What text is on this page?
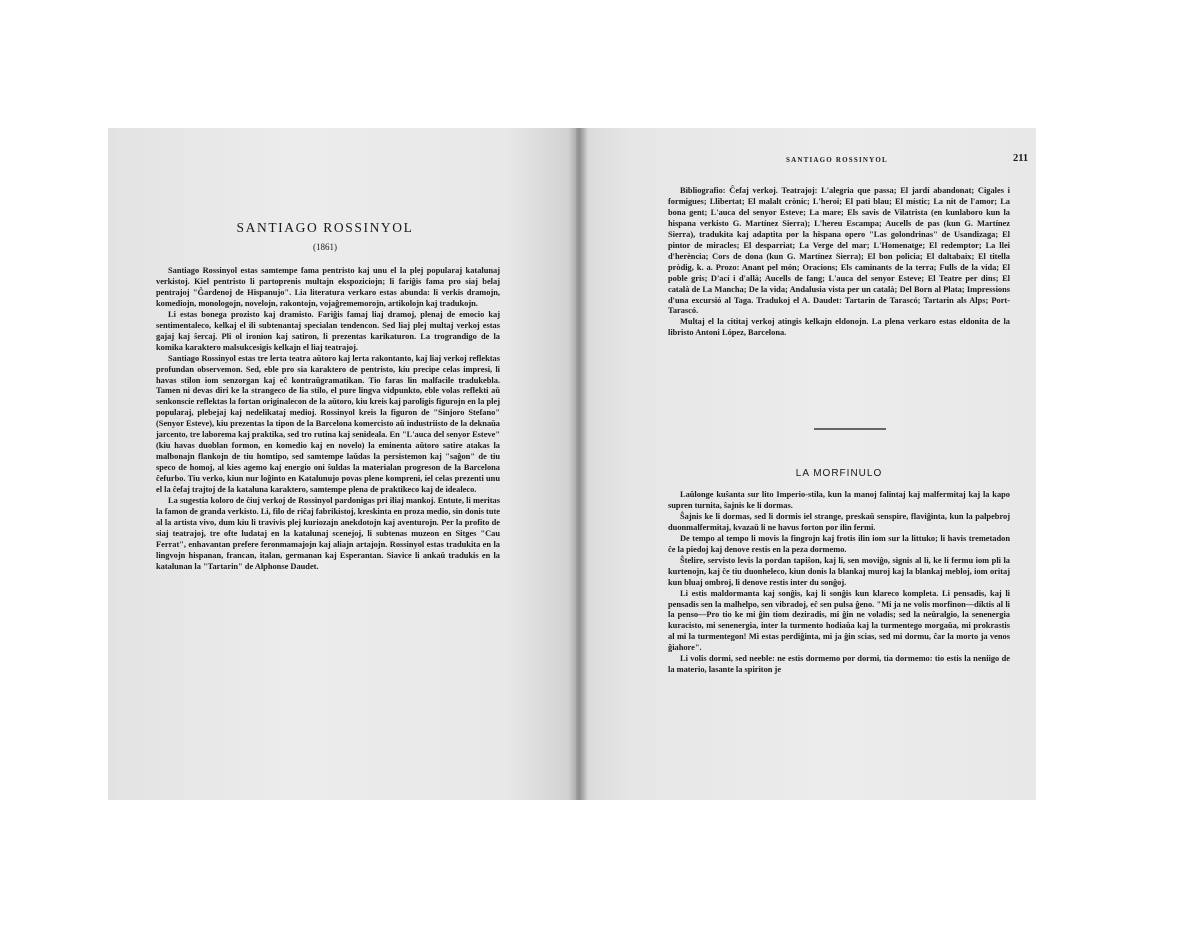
SANTIAGO ROSSINYOL
(1861)

Santiago Rossinyol estas samtempe fama pentristo kaj unu el la plej popularaj katalunaj verkistoj. Kiel pentristo li partoprenis multajn ekspoziciojn; li fariĝis fama pro siaj belaj pentrajoj "Ĝardenoj de Hispanujo". Lia literatura verkaro estas abunda: li verkis dramojn, komediojn, monologojn, novelojn, rakontojn, vojaĝrememorojn, artikolojn kaj tradukojn.

Li estas bonega prozisto kaj dramisto. Fariĝis famaj liaj dramoj, plenaj de emocio kaj sentimentaleco, kelkaj el ili subtenantaj specialan tendencon. Sed liaj plej multaj verkoj estas gajaj kaj ŝercaj. Pli ol ironion kaj satiron, li prezentas karikaturon. La trograndigo de la komika karaktero malsukcesigis kelkajn el liaj teatrajoj.

Santiago Rossinyol estas tre lerta teatra aŭtoro kaj lerta rakontanto, kaj liaj verkoj reflektas profundan observemon. Sed, eble pro sia karaktero de pentristo, kiu precipe celas impresi, li havas stilon iom senzorgan kaj eĉ kontraŭgramatikan. Tio faras lin malfacile tradukebla. Tamen ni devas diri ke la strangeco de lia stilo, el pure lingva vidpunkto, eble volas reflekti aŭ senkonscie reflektas la fortan originalecon de la aŭtoro, kiu kreis kaj paroligis figurojn en la plej popularaj, plebejaj kaj nedelikataj medioj. Rossinyol kreis la figuron de "Sinjoro Stefano" (Senyor Esteve), kiu prezentas la tipon de la Barcelona komercisto aŭ industriisto de la deknaŭa jarcento, tre laborema kaj praktika, sed tro rutina kaj senideala. En "L'auca del senyor Esteve" (kiu havas duoblan formon, en komedio kaj en novelo) la eminenta aŭtoro satire atakas la malbonajn flankojn de tiu homtipo, sed samtempe laŭdas la persistemon kaj "saĝon" de tiu speco de homoj, al kies agemo kaj energio oni ŝuldas la materialan progreson de la Barcelona ĉefurbo. Tiu verko, kiun nur loĝinto en Katalunujo povas plene kompreni, iel celas prezenti unu el la ĉefaj trajtoj de la kataluna karaktero, samtempe plena de praktikeco kaj de idealeco.

La sugestia koloro de ĉiuj verkoj de Rossinyol pardonigas pri iliaj mankoj. Entute, li meritas la famon de granda verkisto. Li, filo de riĉaj fabrikistoj, kreskinta en proza medio, sin donis tute al la artista vivo, dum kiu li travivis plej kuriozajn anekdotojn kaj aventurojn. Per la profito de siaj teatrajoj, tre ofte ludataj en la katalunaj scenejoj, li subtenas muzeon en Sitges "Cau Ferrat", enhavantan prefere feronmamajojn kaj aliajn artajojn. Rossinyol estas tradukita en la lingvojn hispanan, francan, italan, germanan kaj Esperantan. Siavice li ankaŭ tradukis en la katalunan la "Tartarin" de Alphonse Daudet.

SANTIAGO ROSSINYOL	211

Bibliografio: Ĉefaj verkoj. Teatrajoj: L'alegria que passa; El jardí abandonat; Cigales i formigues; Llibertat; El malalt crònic; L'heroi; El pati blau; El místic; La nit de l'amor; La bona gent; L'auca del senyor Esteve; La mare; Els savis de Vilatrista (en kunlaboro kun la hispana verkisto G. Martínez Sierra); L'hereu Escampa; Aucells de pas (kun G. Martínez Sierra), tradukita kaj adaptita por la hispana opero "Las golondrinas" de Usandizaga; El pintor de miracles; El desparriat; La Verge del mar; L'Homenatge; El redemptor; La llei d'herència; Cors de dona (kun G. Martínez Sierra); El bon policia; El daltabaix; El titella pròdig, k. a. Prozo: Anant pel món; Oracions; Els caminants de la terra; Fulls de la vida; El poble gris; D'ací i d'allà; Aucells de fang; L'auca del senyor Esteve; El Teatre per dins; El català de La Mancha; De la vida; Andalusia vista per un català; Del Born al Plata; Impressions d'una excursió al Taga. Tradukoj el A. Daudet: Tartarin de Tarascó; Tartarin als Alps; Port-Tarascó.

Multaj el la cititaj verkoj atingis kelkajn eldonojn. La plena verkaro estas eldonita de la libristo Antoni López, Barcelona.

LA MORFINULO

Laŭlonge kuŝanta sur lito Imperio-stila, kun la manoj falintaj kaj malfermitaj kaj la kapo supren turnita, ŝajnis ke li dormas.

Ŝajnis ke li dormas, sed li dormis iel strange, preskaŭ senspire, flaviĝinta, kun la palpebroj duonmalfermitaj, kvazaŭ li ne havus forton por ilin fermi.

De tempo al tempo li movis la fingrojn kaj frotis ilin iom sur la littuko; li havis tremetadon ĉe la piedoj kaj denove restis en la peza dormemo.

Ŝtelire, servisto levis la pordan tapiŝon, kaj li, sen moviĝo, signis al li, ke li fermu iom pli la kurtenojn, kaj ĉe tiu duonheleco, kiun donis la blankaj muroj kaj la blankaj mebloj, iom oritaj kun bluaj ombroj, li denove restis inter du sonĝoj.

Li estis maldormanta kaj sonĝis, kaj li sonĝis kun klareco kompleta. Li pensadis, kaj li pensadis sen la malhelpo, sen vibradoj, eĉ sen pulsa ĝeno. "Mi ja ne volis morfinon—diktis al li la penso—Pro tio ke mi ĝin tiom deziradis, mi ĝin ne voladis; sed la neŭralgio, la senenergia kuracisto, mi senenergia, inter la turmento hodiaŭa kaj la turmentego morgaŭa, mi prokrastis al mi la turmentegon! Mi estas perdiĝinta, mi ja ĝin scias, sed mi dormu, ĉar la morto ja venos ĝiahore".

Li volis dormi, sed neeble: ne estis dormemo por dormi, tia dormemo: tio estis la neniigo de la materio, lasante la spiriton je
